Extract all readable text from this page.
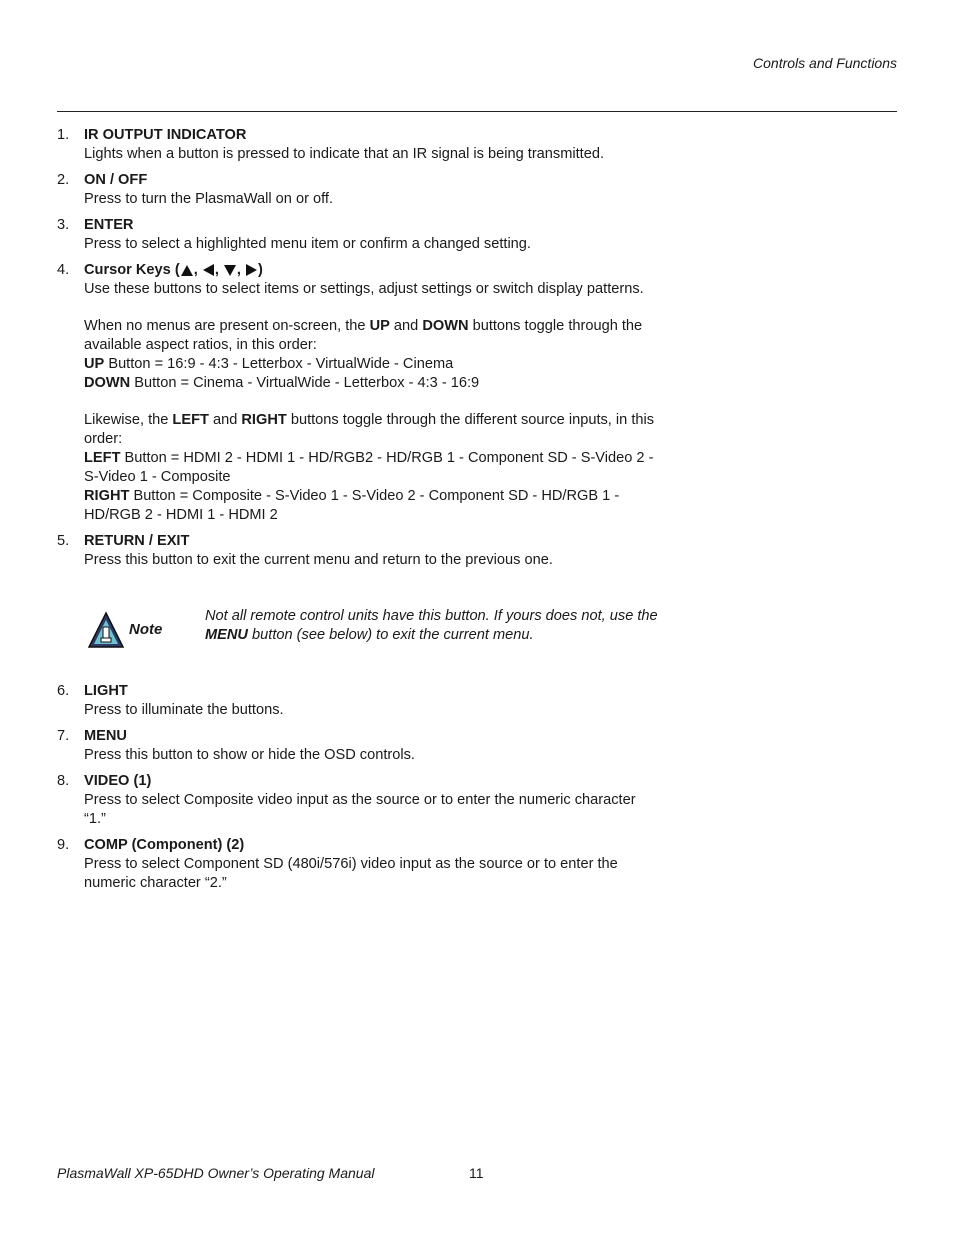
Controls and Functions
1. IR OUTPUT INDICATOR
Lights when a button is pressed to indicate that an IR signal is being transmitted.
2. ON / OFF
Press to turn the PlasmaWall on or off.
3. ENTER
Press to select a highlighted menu item or confirm a changed setting.
4. Cursor Keys ( , , , )
Use these buttons to select items or settings, adjust settings or switch display patterns.
When no menus are present on-screen, the UP and DOWN buttons toggle through the available aspect ratios, in this order:
UP Button = 16:9 - 4:3 - Letterbox - VirtualWide - Cinema
DOWN Button = Cinema - VirtualWide - Letterbox - 4:3 - 16:9
Likewise, the LEFT and RIGHT buttons toggle through the different source inputs, in this order:
LEFT Button = HDMI 2 - HDMI 1 - HD/RGB2 - HD/RGB 1 - Component SD - S-Video 2 - S-Video 1 - Composite
RIGHT Button = Composite - S-Video 1 - S-Video 2 - Component SD - HD/RGB 1 - HD/RGB 2 - HDMI 1 - HDMI 2
5. RETURN / EXIT
Press this button to exit the current menu and return to the previous one.
Note
Not all remote control units have this button. If yours does not, use the MENU button (see below) to exit the current menu.
6. LIGHT
Press to illuminate the buttons.
7. MENU
Press this button to show or hide the OSD controls.
8. VIDEO (1)
Press to select Composite video input as the source or to enter the numeric character “1.”
9. COMP (Component) (2)
Press to select Component SD (480i/576i) video input as the source or to enter the numeric character “2.”
PlasmaWall XP-65DHD Owner’s Operating Manual	11
